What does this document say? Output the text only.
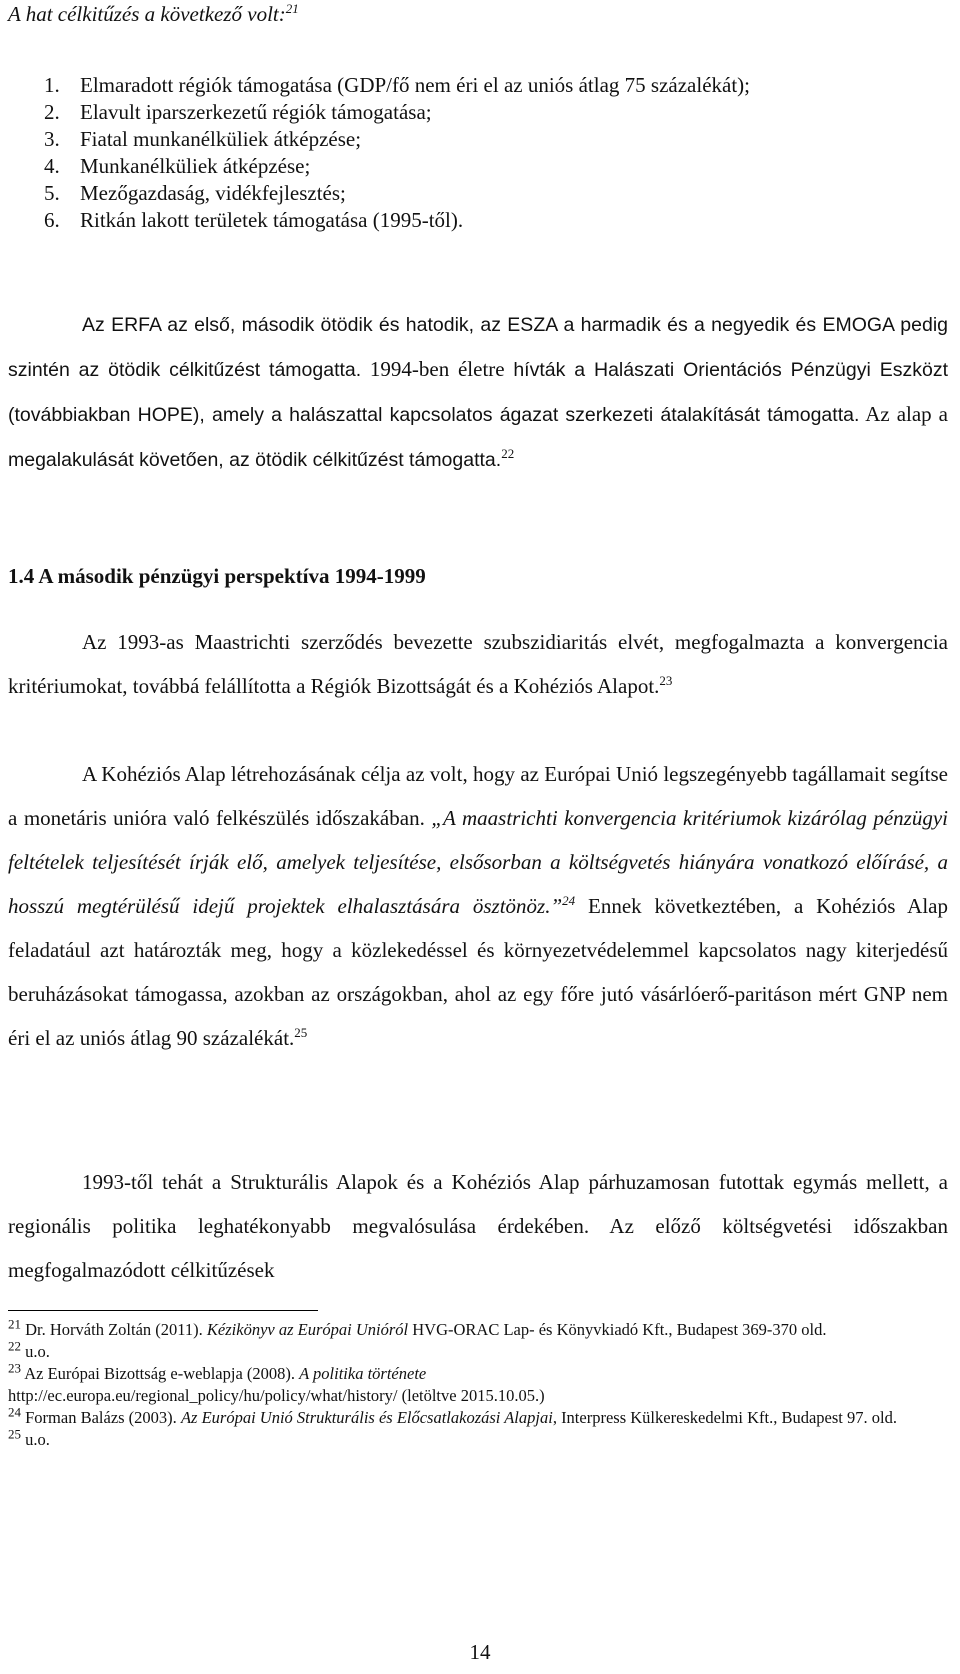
A hat célkitűzés a következő volt:$^{21}$
1. Elmaradott régiók támogatása (GDP/fő nem éri el az uniós átlag 75 százalékát);
2. Elavult iparszerkezetű régiók támogatása;
3. Fiatal munkanélküliek átképzése;
4. Munkanélküliek átképzése;
5. Mezőgazdaság, vidékfejlesztés;
6. Ritkán lakott területek támogatása (1995-től).

Az ERFA az első, második ötödik és hatodik, az ESZA a harmadik és a negyedik és EMOGA pedig szintén az ötödik célkitűzést támogatta. 1994-ben életre hívták a Halászati Orientációs Pénzügyi Eszközt (továbbiakban HOPE), amely a halászattal kapcsolatos ágazat szerkezeti átalakítását támogatta. Az alap a megalakulását követően, az ötödik célkitűzést támogatta.$^{22}$

1.4 A második pénzügyi perspektíva 1994-1999

Az 1993-as Maastrichti szerződés bevezette szubszidiaritás elvét, megfogalmazta a konvergencia kritériumokat, továbbá felállította a Régiók Bizottságát és a Kohéziós Alapot.$^{23}$

A Kohéziós Alap létrehozásának célja az volt, hogy az Európai Unió legszegényebb tagállamait segítse a monetáris unióra való felkészülés időszakában. „A maastrichti konvergencia kritériumok kizárólag pénzügyi feltételek teljesítését írják elő, amelyek teljesítése, elsősorban a költségvetés hiányára vonatkozó előírásé, a hosszú megtérülésű idejű projektek elhalasztására ösztönöz.”$^{24}$ Ennek következtében, a Kohéziós Alap feladatául azt határozták meg, hogy a közlekedéssel és környezetvédelemmel kapcsolatos nagy kiterjedésű beruházásokat támogassa, azokban az országokban, ahol az egy főre jutó vásárlóerő-paritáson mért GNP nem éri el az uniós átlag 90 százalékát.$^{25}$

1993-től tehát a Strukturális Alapok és a Kohéziós Alap párhuzamosan futottak egymás mellett, a regionális politika leghatékonyabb megvalósulása érdekében. Az előző költségvetési időszakban megfogalmazódott célkitűzések

$^{21}$ Dr. Horváth Zoltán (2011). Kézikönyv az Európai Unióról HVG-ORAC Lap- és Könyvkiadó Kft., Budapest 369-370 old.
$^{22}$ u.o.
$^{23}$ Az Európai Bizottság e-weblapja (2008). A politika története
http://ec.europa.eu/regional_policy/hu/policy/what/history/ (letöltve 2015.10.05.)
$^{24}$ Forman Balázs (2003). Az Európai Unió Strukturális és Előcsatlakozási Alapjai, Interpress Külkereskedelmi Kft., Budapest 97. old.
$^{25}$ u.o.
14
